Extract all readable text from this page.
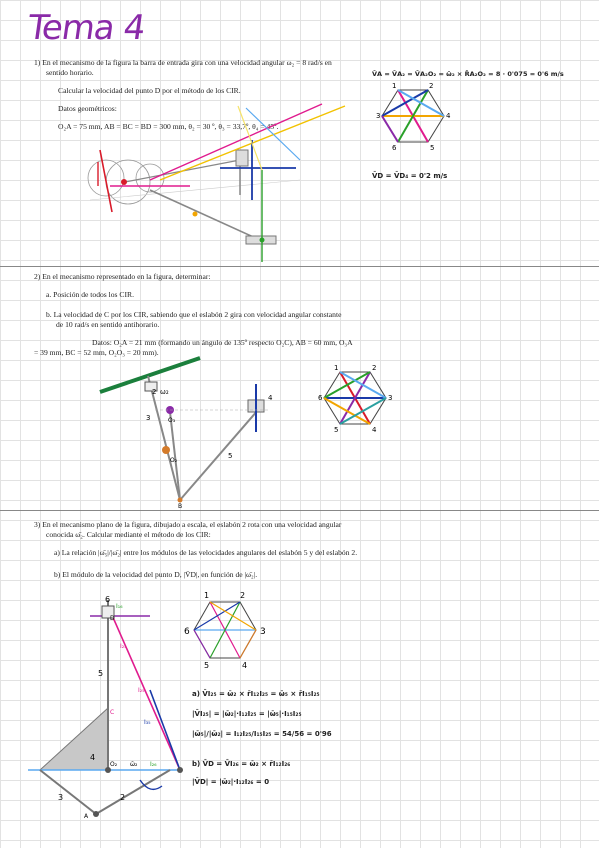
Tema 4
1) En el mecanismo de la figura la barra de entrada gira con una velocidad angular ω₂ = 8 rad/s en
sentido horario.
Calcular la velocidad del punto D por el método de los CIR.
Datos geométricos:
O₂A = 75 mm, AB = BC = BD = 300 mm, θ₂ = 30 º, θ₃ = 33,7º, θ₄ = 45º.
V̄A = V̄A₂ = V̄A₂O₂ = ω̄₂ × R̄A₂O₂ = 8 · 0'075 = 0'6 m/s
V̄D = V̄D₄ = 0'2 m/s
2) En el mecanismo representado en la figura, determinar:
a. Posición de todos los CIR.
b. La velocidad de C por los CIR, sabiendo que el eslabón 2 gira con velocidad angular constante
de 10 rad/s en sentido antihorario.
Datos: O₂A = 21 mm (formando un ángulo de 135º respecto O₂C), AB = 60 mm, O₃A
= 39 mm, BC = 52 mm, O₂O₃ = 20 mm).
3) En el mecanismo plano de la figura, dibujado a escala, el eslabón 2 rota con una velocidad angular
conocida ω̄₂. Calcular mediante el método de los CIR:
a) La relación |ω̄₅|/|ω̄₂| entre los módulos de las velocidades angulares del eslabón 5 y del eslabón 2.
b) El módulo de la velocidad del punto D, |V̄D|, en función de |ω̄₂|.
a) V̄I₂₅ = ω̄₂ × r̄I₁₂I₂₅ = ω̄₅ × r̄I₁₅I₂₅
|V̄I₂₅| = |ω̄₂|·I₁₂I₂₅ = |ω̄₅|·I₁₅I₂₅
|ω̄₅|/|ω̄₂| = I₁₂I₂₅/I₁₅I₂₅ = 54/56 = 0'96
b) V̄D = V̄I₂₆ = ω̄₂ × r̄I₁₂I₂₆
|V̄D| = |ω̄₂|·I₁₂I₂₆ = 0
1	2
3	4
5
6
2 ω₂
3	O₃
O₂
4
5
B
1	2
3
4
5
6
6
I₁₆
D
I₂₅
5
I₂₅
C
I₃₅
4
O₂	I₂₆
ω̄₂
3	2
A
1	2
3
4
5
6
